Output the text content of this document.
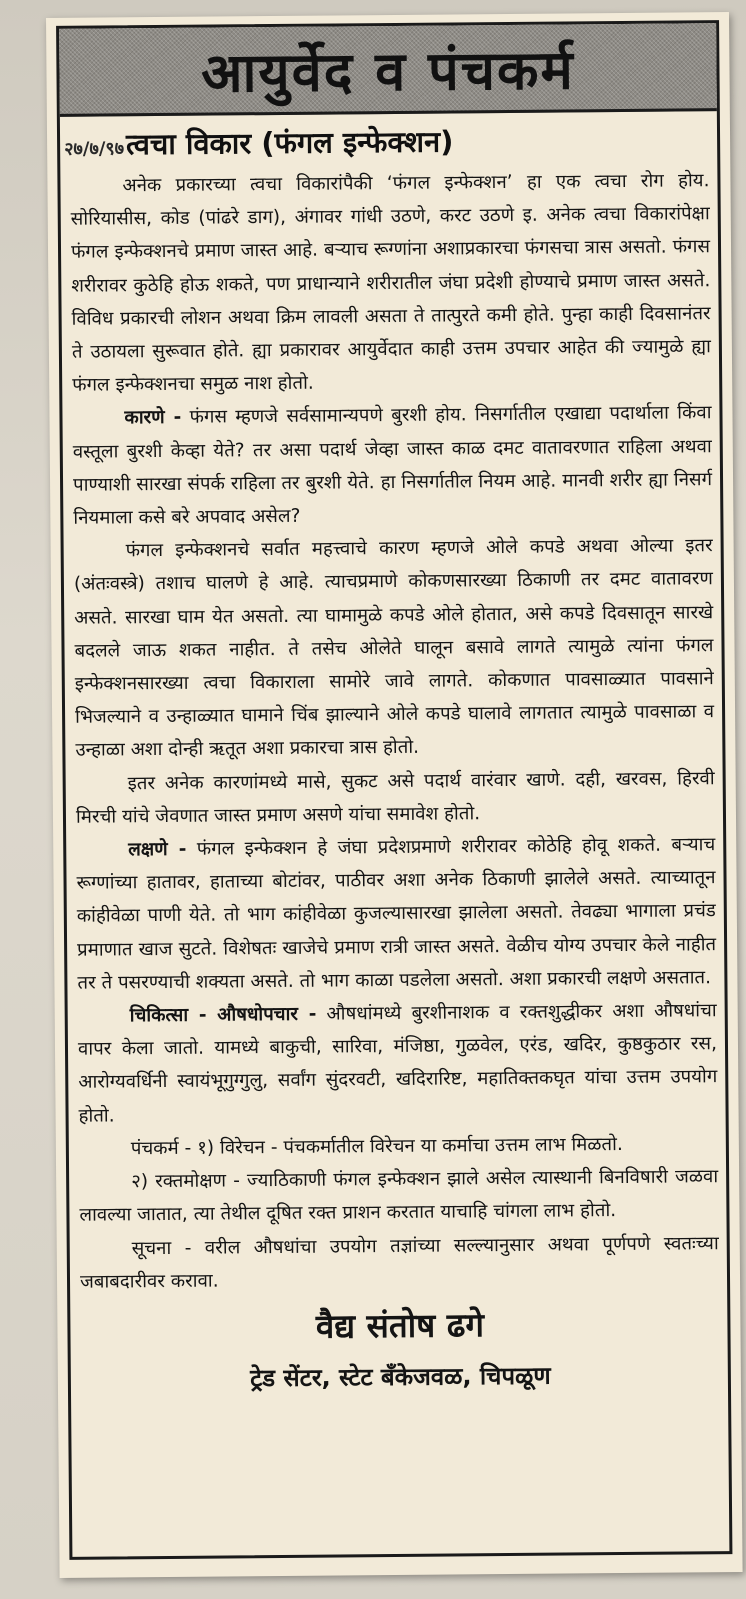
आयुर्वेद व पंचकर्म
२७/७/९७ त्वचा विकार (फंगल इन्फेक्शन)

अनेक प्रकारच्या त्वचा विकारांपैकी ‘फंगल इन्फेक्शन’ हा एक त्वचा रोग होय. सोरियासीस, कोड (पांढरे डाग), अंगावर गांधी उठणे, करट उठणे इ. अनेक त्वचा विकारांपेक्षा फंगल इन्फेक्शनचे प्रमाण जास्त आहे. बऱ्याच रूग्णांना अशाप्रकारचा फंगसचा त्रास असतो. फंगस शरीरावर कुठेहि होऊ शकते, पण प्राधान्याने शरीरातील जंघा प्रदेशी होण्याचे प्रमाण जास्त असते. विविध प्रकारची लोशन अथवा क्रिम लावली असता ते तात्पुरते कमी होते. पुन्हा काही दिवसानंतर ते उठायला सुरूवात होते. ह्या प्रकारावर आयुर्वेदात काही उत्तम उपचार आहेत की ज्यामुळे ह्या फंगल इन्फेक्शनचा समुळ नाश होतो.

कारणे - फंगस म्हणजे सर्वसामान्यपणे बुरशी होय. निसर्गातील एखाद्या पदार्थाला किंवा वस्तूला बुरशी केव्हा येते? तर असा पदार्थ जेव्हा जास्त काळ दमट वातावरणात राहिला अथवा पाण्याशी सारखा संपर्क राहिला तर बुरशी येते. हा निसर्गातील नियम आहे. मानवी शरीर ह्या निसर्ग नियमाला कसे बरे अपवाद असेल?

फंगल इन्फेक्शनचे सर्वात महत्त्वाचे कारण म्हणजे ओले कपडे अथवा ओल्या इतर (अंतःवस्त्रे) तशाच घालणे हे आहे. त्याचप्रमाणे कोकणसारख्या ठिकाणी तर दमट वातावरण असते. सारखा घाम येत असतो. त्या घामामुळे कपडे ओले होतात, असे कपडे दिवसातून सारखे बदलले जाऊ शकत नाहीत. ते तसेच ओलेते घालून बसावे लागते त्यामुळे त्यांना फंगल इन्फेक्शनसारख्या त्वचा विकाराला सामोरे जावे लागते. कोकणात पावसाळ्यात पावसाने भिजल्याने व उन्हाळ्यात घामाने चिंब झाल्याने ओले कपडे घालावे लागतात त्यामुळे पावसाळा व उन्हाळा अशा दोन्ही ऋतूत अशा प्रकारचा त्रास होतो.

इतर अनेक कारणांमध्ये मासे, सुकट असे पदार्थ वारंवार खाणे. दही, खरवस, हिरवी मिरची यांचे जेवणात जास्त प्रमाण असणे यांचा समावेश होतो.

लक्षणे - फंगल इन्फेक्शन हे जंघा प्रदेशप्रमाणे शरीरावर कोठेहि होवू शकते. बऱ्याच रूग्णांच्या हातावर, हाताच्या बोटांवर, पाठीवर अशा अनेक ठिकाणी झालेले असते. त्याच्यातून कांहीवेळा पाणी येते. तो भाग कांहीवेळा कुजल्यासारखा झालेला असतो. तेवढ्या भागाला प्रचंड प्रमाणात खाज सुटते. विशेषतः खाजेचे प्रमाण रात्री जास्त असते. वेळीच योग्य उपचार केले नाहीत तर ते पसरण्याची शक्यता असते. तो भाग काळा पडलेला असतो. अशा प्रकारची लक्षणे असतात.

चिकित्सा - औषधोपचार - औषधांमध्ये बुरशीनाशक व रक्तशुद्धीकर अशा औषधांचा वापर केला जातो. यामध्ये बाकुची, सारिवा, मंजिष्ठा, गुळवेल, एरंड, खदिर, कुष्ठकुठार रस, आरोग्यवर्धिनी स्वायंभूगुग्गुलु, सर्वांग सुंदरवटी, खदिरारिष्ट, महातिक्तकघृत यांचा उत्तम उपयोग होतो.

पंचकर्म - १) विरेचन - पंचकर्मातील विरेचन या कर्माचा उत्तम लाभ मिळतो.

२) रक्तमोक्षण - ज्याठिकाणी फंगल इन्फेक्शन झाले असेल त्यास्थानी बिनविषारी जळवा लावल्या जातात, त्या तेथील दूषित रक्त प्राशन करतात याचाहि चांगला लाभ होतो.

सूचना - वरील औषधांचा उपयोग तज्ञांच्या सल्ल्यानुसार अथवा पूर्णपणे स्वतःच्या जबाबदारीवर करावा.

वैद्य संतोष ढगे
ट्रेड सेंटर, स्टेट बँकेजवळ, चिपळूण
